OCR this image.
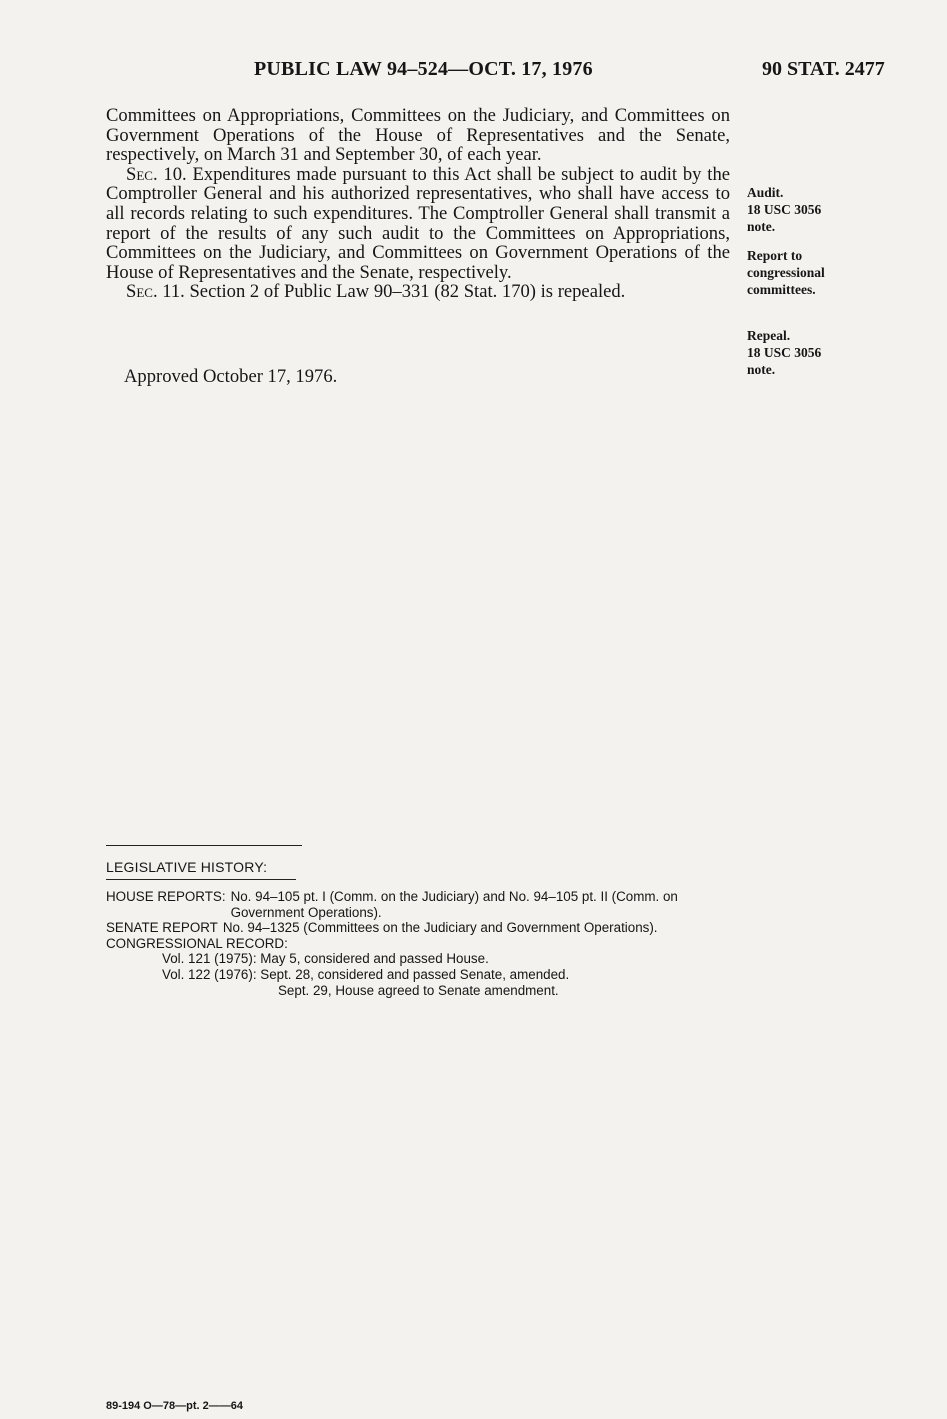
PUBLIC LAW 94–524—OCT. 17, 1976	90 STAT. 2477

Committees on Appropriations, Committees on the Judiciary, and Committees on Government Operations of the House of Representatives and the Senate, respectively, on March 31 and September 30, of each year.

Sec. 10. Expenditures made pursuant to this Act shall be subject to audit by the Comptroller General and his authorized representatives, who shall have access to all records relating to such expenditures. The Comptroller General shall transmit a report of the results of any such audit to the Committees on Appropriations, Committees on the Judiciary, and Committees on Government Operations of the House of Representatives and the Senate, respectively.

Sec. 11. Section 2 of Public Law 90–331 (82 Stat. 170) is repealed.

Approved October 17, 1976.
Audit.
18 USC 3056
note.
Report to
congressional
committees.
Repeal.
18 USC 3056
note.
LEGISLATIVE HISTORY:
HOUSE REPORTS: No. 94–105 pt. I (Comm. on the Judiciary) and No. 94–105 pt. II (Comm. on Government Operations).
SENATE REPORT No. 94–1325 (Committees on the Judiciary and Government Operations).
CONGRESSIONAL RECORD:
Vol. 121 (1975): May 5, considered and passed House.
Vol. 122 (1976): Sept. 28, considered and passed Senate, amended.
Sept. 29, House agreed to Senate amendment.
89-194 O—78—pt. 2——64
